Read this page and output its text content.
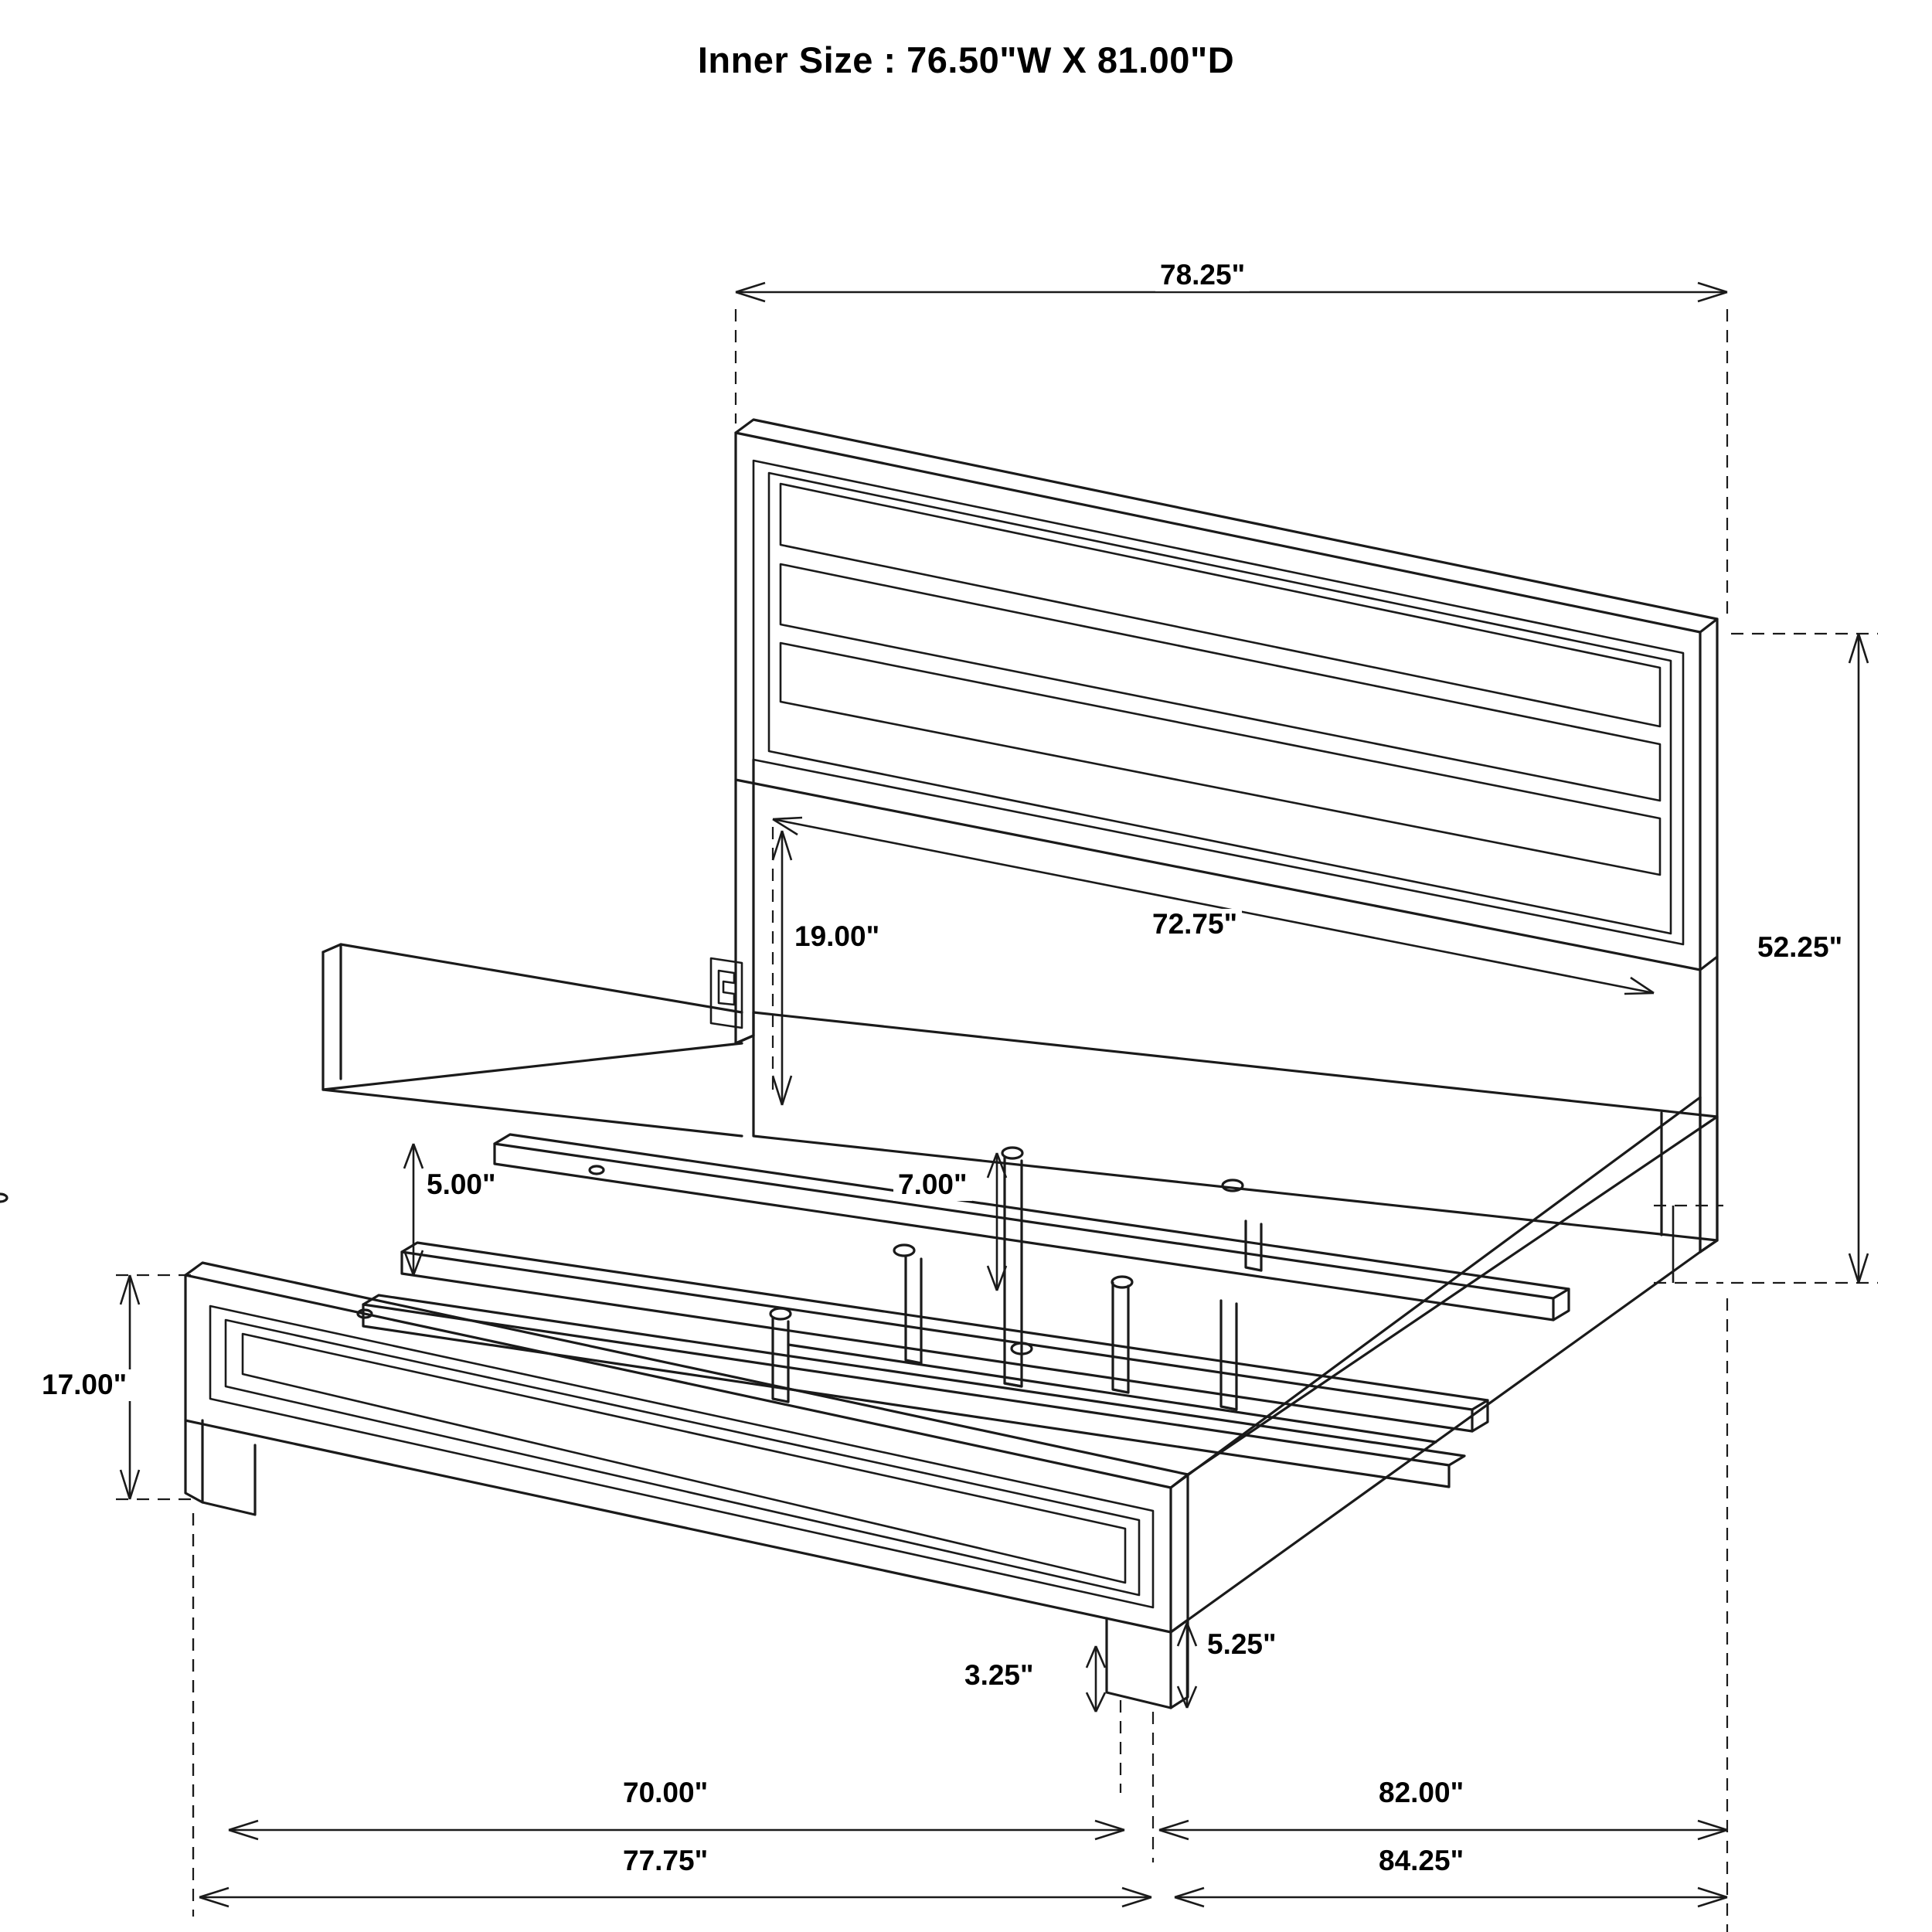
Inner Size : 76.50"W X 81.00"D
78.25"
52.25"
72.75"
19.00"
5.00"	7.00"
17.00"
5.25"
3.25"
70.00"	82.00"
77.75"	84.25"
